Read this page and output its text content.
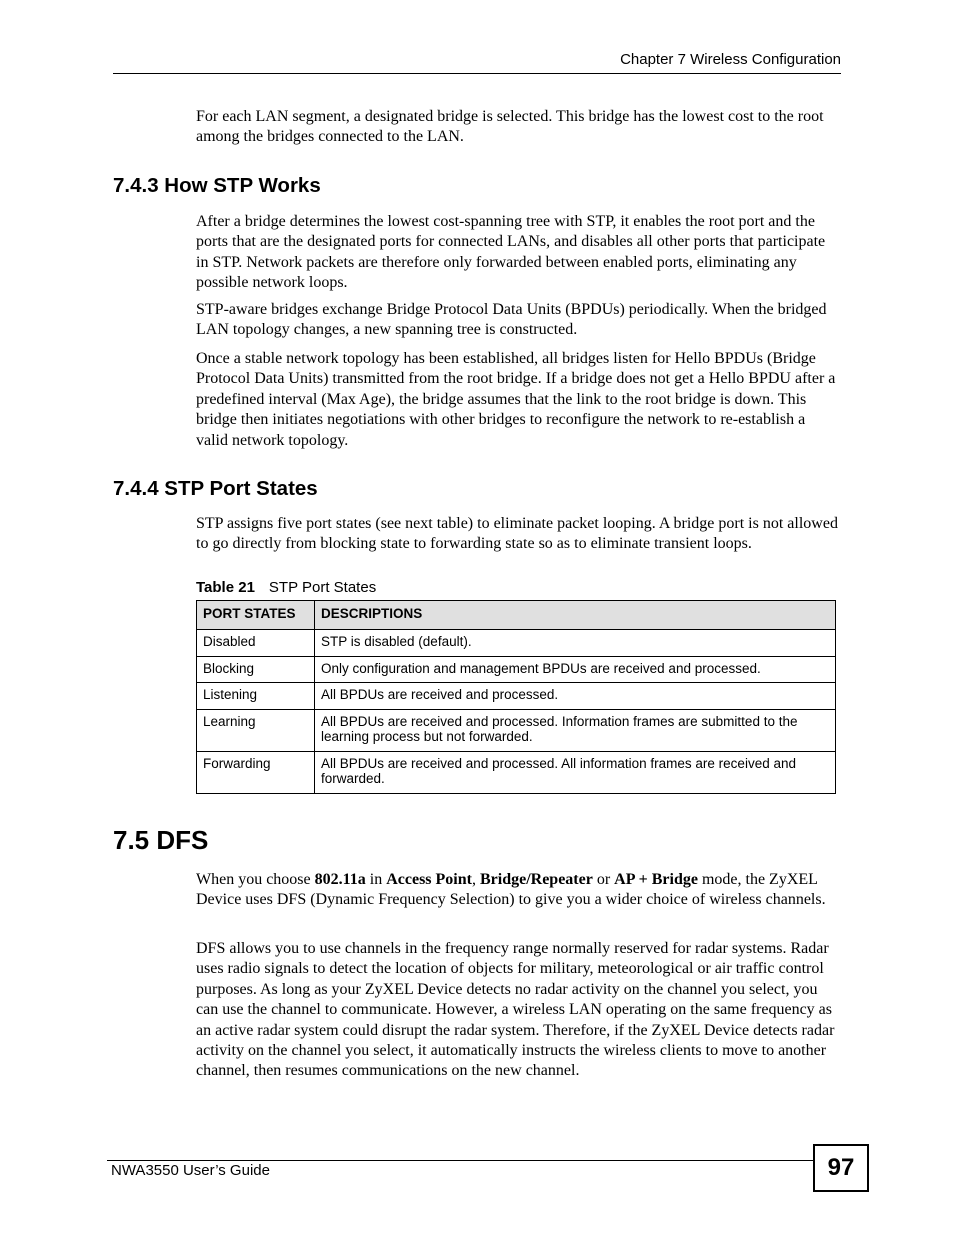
Chapter 7 Wireless Configuration

For each LAN segment, a designated bridge is selected. This bridge has the lowest cost to the root among the bridges connected to the LAN.

7.4.3 How STP Works

After a bridge determines the lowest cost-spanning tree with STP, it enables the root port and the ports that are the designated ports for connected LANs, and disables all other ports that participate in STP. Network packets are therefore only forwarded between enabled ports, eliminating any possible network loops.

STP-aware bridges exchange Bridge Protocol Data Units (BPDUs) periodically. When the bridged LAN topology changes, a new spanning tree is constructed.

Once a stable network topology has been established, all bridges listen for Hello BPDUs (Bridge Protocol Data Units) transmitted from the root bridge. If a bridge does not get a Hello BPDU after a predefined interval (Max Age), the bridge assumes that the link to the root bridge is down. This bridge then initiates negotiations with other bridges to reconfigure the network to re-establish a valid network topology.

7.4.4 STP Port States

STP assigns five port states (see next table) to eliminate packet looping. A bridge port is not allowed to go directly from blocking state to forwarding state so as to eliminate transient loops.

Table 21 STP Port States
PORT STATES	DESCRIPTIONS
Disabled	STP is disabled (default).
Blocking	Only configuration and management BPDUs are received and processed.
Listening	All BPDUs are received and processed.
Learning	All BPDUs are received and processed. Information frames are submitted to the learning process but not forwarded.
Forwarding	All BPDUs are received and processed. All information frames are received and forwarded.
7.5 DFS

When you choose 802.11a in Access Point, Bridge/Repeater or AP + Bridge mode, the ZyXEL Device uses DFS (Dynamic Frequency Selection) to give you a wider choice of wireless channels.

DFS allows you to use channels in the frequency range normally reserved for radar systems. Radar uses radio signals to detect the location of objects for military, meteorological or air traffic control purposes. As long as your ZyXEL Device detects no radar activity on the channel you select, you can use the channel to communicate. However, a wireless LAN operating on the same frequency as an active radar system could disrupt the radar system. Therefore, if the ZyXEL Device detects radar activity on the channel you select, it automatically instructs the wireless clients to move to another channel, then resumes communications on the new channel.

NWA3550 User’s Guide	97
